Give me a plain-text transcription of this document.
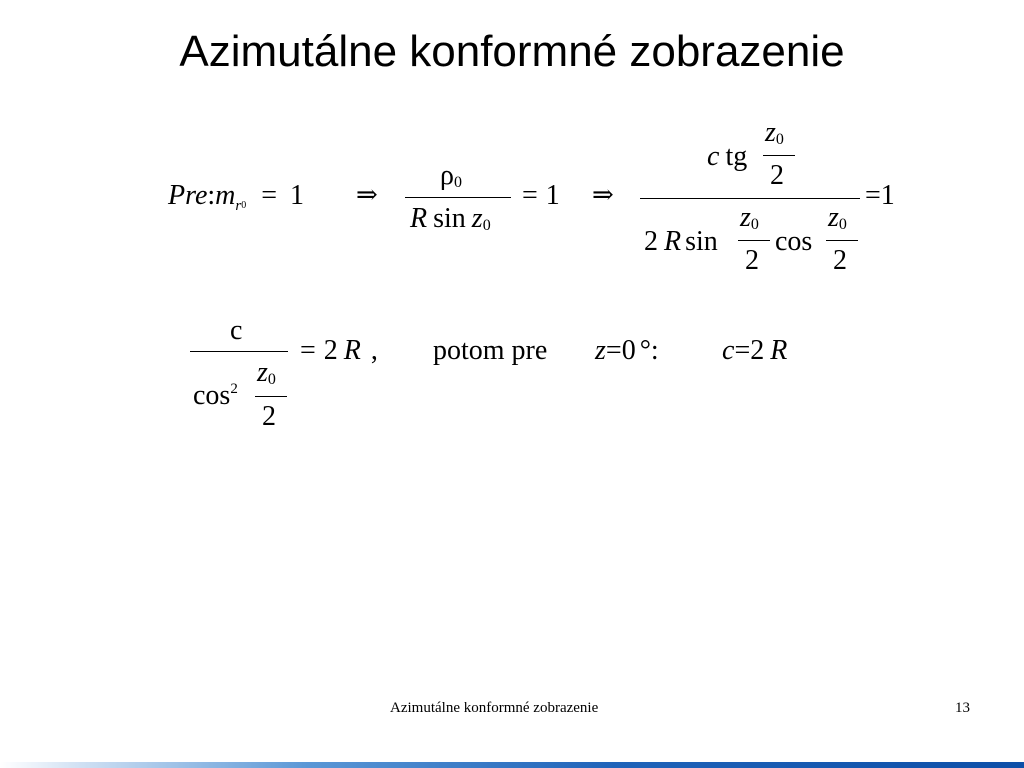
Azimutálne konformné zobrazenie
$Pre:m_r0 = 1$ ⇒
ρ0
R sin z0
= 1 ⇒
c tg
z0
2
=1
2 R sin
z0
2
cos
z0
2
c
$\cos^2$
z0
2
= 2 R , potom pre z=0 °: c=2 R
Azimutálne konformné zobrazenie	13
